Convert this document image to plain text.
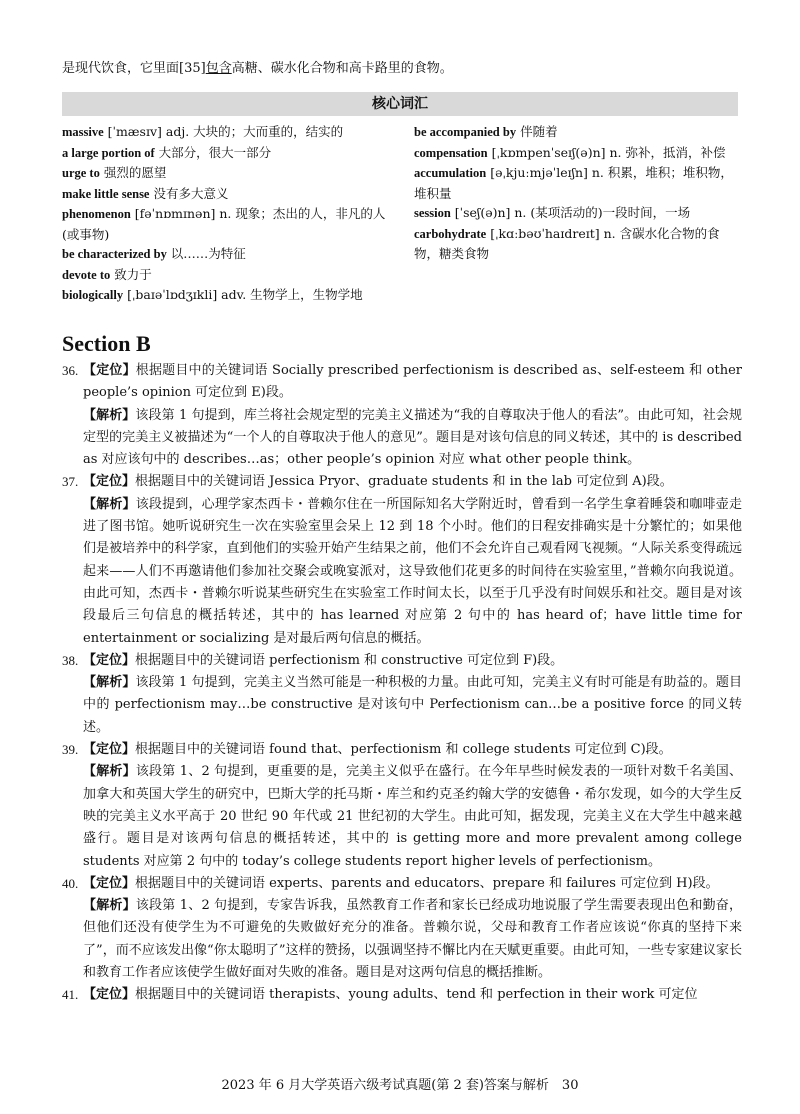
是现代饮食，它里面[35]包含高糖、碳水化合物和高卡路里的食物。
核心词汇
massive [ˈmæsɪv] adj. 大块的；大而重的，结实的
a large portion of 大部分，很大一部分
urge to 强烈的愿望
make little sense 没有多大意义
phenomenon [fəˈnɒmɪnən] n. 现象；杰出的人，非凡的人(或事物)
be characterized by 以……为特征
devote to 致力于
biologically [ˌbaɪəˈlɒdʒɪkli] adv. 生物学上，生物学地
be accompanied by 伴随着
compensation [ˌkɒmpenˈseɪʃ(ə)n] n. 弥补，抵消，补偿
accumulation [əˌkjuːmjəˈleɪʃn] n. 积累，堆积；堆积物，堆积量
session [ˈseʃ(ə)n] n. (某项活动的)一段时间，一场
carbohydrate [ˌkɑːbəʊˈhaɪdreɪt] n. 含碳水化合物的食物，糖类食物
Section B
36. 【定位】根据题目中的关键词语 Socially prescribed perfectionism is described as、self-esteem 和 other people’s opinion 可定位到 E)段。

【解析】该段第 1 句提到，库兰将社会规定型的完美主义描述为“我的自尊取决于他人的看法”。由此可知，社会规定型的完美主义被描述为“一个人的自尊取决于他人的意见”。题目是对该句信息的同义转述，其中的 is described as 对应该句中的 describes…as；other people’s opinion 对应 what other people think。

37. 【定位】根据题目中的关键词语 Jessica Pryor、graduate students 和 in the lab 可定位到 A)段。

【解析】该段提到，心理学家杰西卡・普赖尔住在一所国际知名大学附近时，曾看到一名学生拿着睡袋和咖啡壶走进了图书馆。她听说研究生一次在实验室里会呆上 12 到 18 个小时。他们的日程安排确实是十分繁忙的；如果他们是被培养中的科学家，直到他们的实验开始产生结果之前，他们不会允许自己观看网飞视频。“人际关系变得疏远起来——人们不再邀请他们参加社交聚会或晚宴派对，这导致他们花更多的时间待在实验室里，”普赖尔向我说道。由此可知，杰西卡・普赖尔听说某些研究生在实验室工作时间太长，以至于几乎没有时间娱乐和社交。题目是对该段最后三句信息的概括转述，其中的 has learned 对应第 2 句中的 has heard of；have little time for entertainment or socializing 是对最后两句信息的概括。

38. 【定位】根据题目中的关键词语 perfectionism 和 constructive 可定位到 F)段。

【解析】该段第 1 句提到，完美主义当然可能是一种积极的力量。由此可知，完美主义有时可能是有助益的。题目中的 perfectionism may…be constructive 是对该句中 Perfectionism can…be a positive force 的同义转述。

39. 【定位】根据题目中的关键词语 found that、perfectionism 和 college students 可定位到 C)段。

【解析】该段第 1、2 句提到，更重要的是，完美主义似乎在盛行。在今年早些时候发表的一项针对数千名美国、加拿大和英国大学生的研究中，巴斯大学的托马斯・库兰和约克圣约翰大学的安德鲁・希尔发现，如今的大学生反映的完美主义水平高于 20 世纪 90 年代或 21 世纪初的大学生。由此可知，据发现，完美主义在大学生中越来越盛行。题目是对该两句信息的概括转述，其中的 is getting more and more prevalent among college students 对应第 2 句中的 today’s college students report higher levels of perfectionism。

40. 【定位】根据题目中的关键词语 experts、parents and educators、prepare 和 failures 可定位到 H)段。

【解析】该段第 1、2 句提到，专家告诉我，虽然教育工作者和家长已经成功地说服了学生需要表现出色和勤奋，但他们还没有使学生为不可避免的失败做好充分的准备。普赖尔说，父母和教育工作者应该说“你真的坚持下来了”，而不应该发出像“你太聪明了”这样的赞扬，以强调坚持不懈比内在天赋更重要。由此可知，一些专家建议家长和教育工作者应该使学生做好面对失败的准备。题目是对这两句信息的概括推断。

41. 【定位】根据题目中的关键词语 therapists、young adults、tend 和 perfection in their work 可定位

2023 年 6 月大学英语六级考试真题(第 2 套)答案与解析　30
